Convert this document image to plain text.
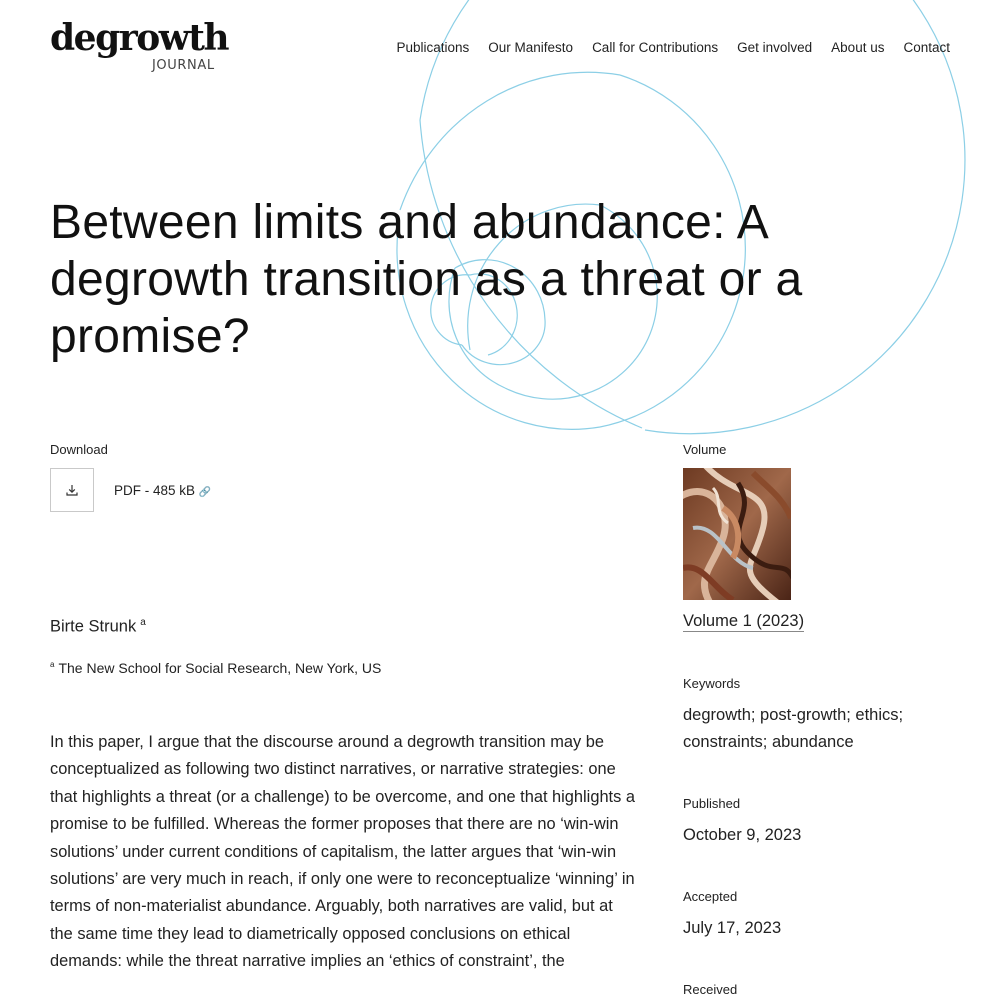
degrowth
JOURNAL
Publications Our Manifesto Call for Contributions Get involved About us Contact
Between limits and abundance: A degrowth transition as a threat or a promise?
Download
PDF - 485 kB 🔗
Birte Strunk $^a$
$^a$ The New School for Social Research, New York, US

In this paper, I argue that the discourse around a degrowth transition may be conceptualized as following two distinct narratives, or narrative strategies: one that highlights a threat (or a challenge) to be overcome, and one that highlights a promise to be fulfilled. Whereas the former proposes that there are no ‘win-win solutions’ under current conditions of capitalism, the latter argues that ‘win-win solutions’ are very much in reach, if only one were to reconceptualize ‘winning’ in terms of non-materialist abundance. Arguably, both narratives are valid, but at the same time they lead to diametrically opposed conclusions on ethical demands: while the threat narrative implies an ‘ethics of constraint’, the

Volume
Volume 1 (2023)
Keywords
degrowth; post-growth; ethics; constraints; abundance
Published
October 9, 2023
Accepted
July 17, 2023
Received
